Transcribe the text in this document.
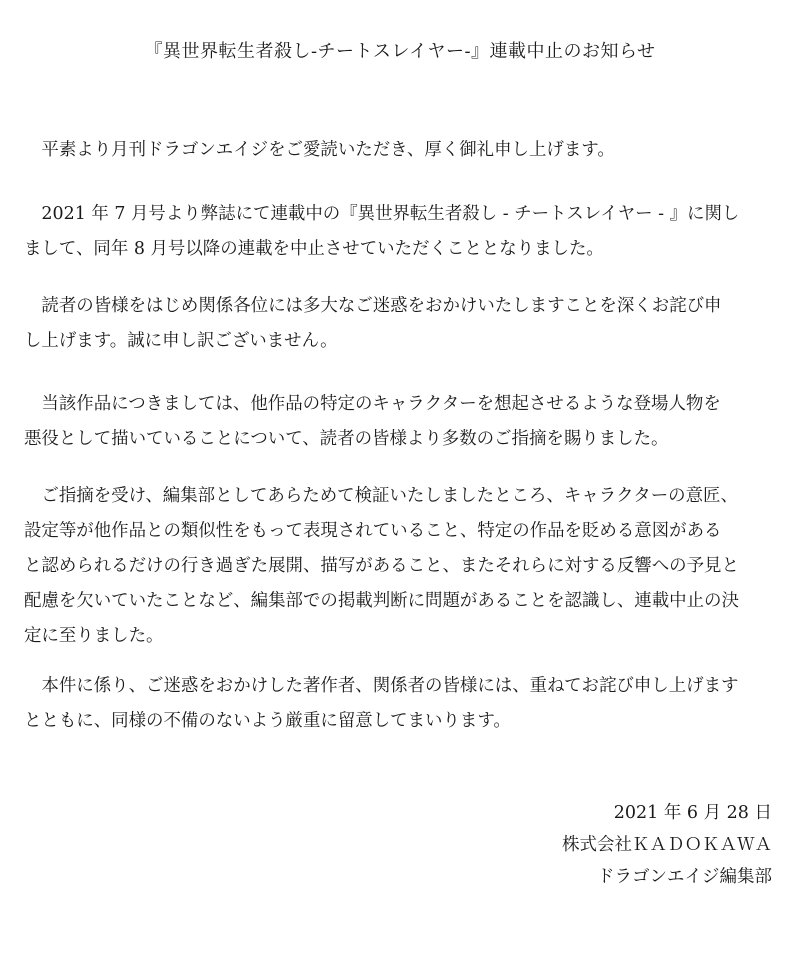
『異世界転生者殺し-チートスレイヤー-』連載中止のお知らせ

　平素より月刊ドラゴンエイジをご愛読いただき、厚く御礼申し上げます。

　2021 年 7 月号より弊誌にて連載中の『異世界転生者殺し - チートスレイヤー - 』に関し
まして、同年 8 月号以降の連載を中止させていただくこととなりました。

　読者の皆様をはじめ関係各位には多大なご迷惑をおかけいたしますことを深くお詫び申
し上げます。誠に申し訳ございません。

　当該作品につきましては、他作品の特定のキャラクターを想起させるような登場人物を
悪役として描いていることについて、読者の皆様より多数のご指摘を賜りました。

　ご指摘を受け、編集部としてあらためて検証いたしましたところ、キャラクターの意匠、
設定等が他作品との類似性をもって表現されていること、特定の作品を貶める意図がある
と認められるだけの行き過ぎた展開、描写があること、またそれらに対する反響への予見と
配慮を欠いていたことなど、編集部での掲載判断に問題があることを認識し、連載中止の決
定に至りました。

　本件に係り、ご迷惑をおかけした著作者、関係者の皆様には、重ねてお詫び申し上げます
とともに、同様の不備のないよう厳重に留意してまいります。

2021 年 6 月 28 日
株式会社ＫＡＤＯＫＡＷＡ
ドラゴンエイジ編集部
